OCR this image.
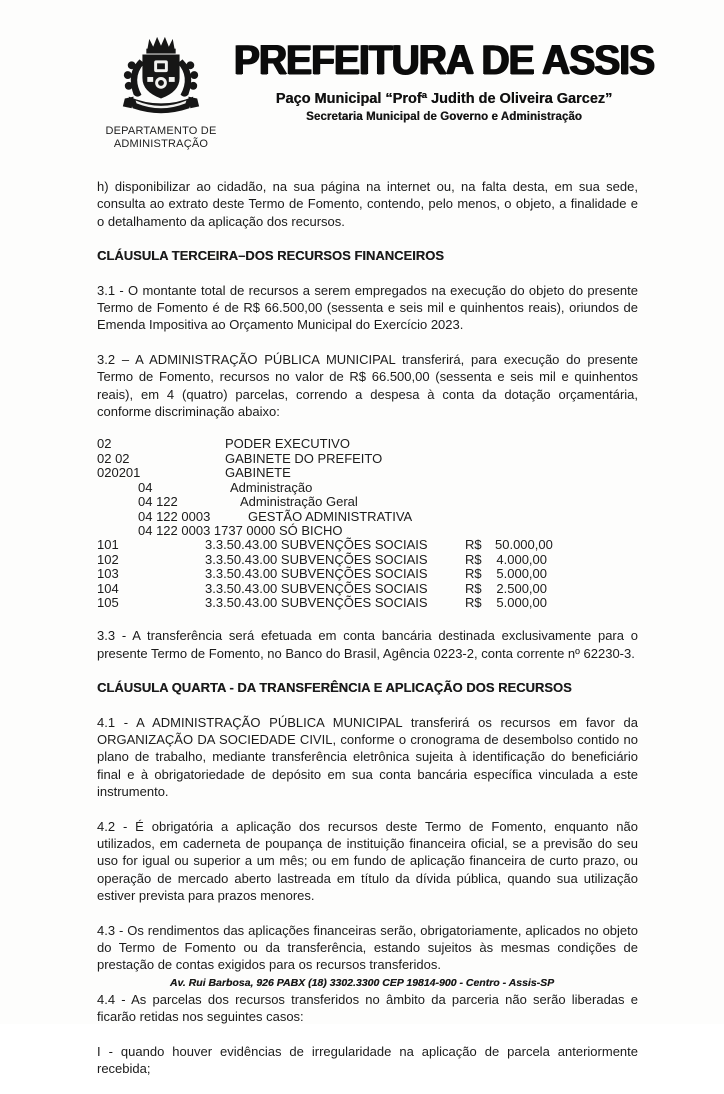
DEPARTAMENTO DE
ADMINISTRAÇÃO
PREFEITURA DE ASSIS
Paço Municipal “Profª Judith de Oliveira Garcez”
Secretaria Municipal de Governo e Administração

h) disponibilizar ao cidadão, na sua página na internet ou, na falta desta, em sua sede, consulta ao extrato deste Termo de Fomento, contendo, pelo menos, o objeto, a finalidade e o detalhamento da aplicação dos recursos.

CLÁUSULA TERCEIRA–DOS RECURSOS FINANCEIROS

3.1 - O montante total de recursos a serem empregados na execução do objeto do presente Termo de Fomento é de R$ 66.500,00 (sessenta e seis mil e quinhentos reais), oriundos de Emenda Impositiva ao Orçamento Municipal do Exercício 2023.

3.2 – A ADMINISTRAÇÃO PÚBLICA MUNICIPAL transferirá, para execução do presente Termo de Fomento, recursos no valor de R$ 66.500,00 (sessenta e seis mil e quinhentos reais), em 4 (quatro) parcelas, correndo a despesa à conta da dotação orçamentária, conforme discriminação abaixo:

02	PODER EXECUTIVO
02 02	GABINETE DO PREFEITO
020201	GABINETE
04	Administração
04 122	Administração Geral
04 122 0003	GESTÃO ADMINISTRATIVA
04 122 0003 1737 0000 SÓ BICHO
101	3.3.50.43.00 SUBVENÇÕES SOCIAIS	R$	50.000,00
102	3.3.50.43.00 SUBVENÇÕES SOCIAIS	R$	4.000,00
103	3.3.50.43.00 SUBVENÇÕES SOCIAIS	R$	5.000,00
104	3.3.50.43.00 SUBVENÇÕES SOCIAIS	R$	2.500,00
105	3.3.50.43.00 SUBVENÇÕES SOCIAIS	R$	5.000,00

3.3 - A transferência será efetuada em conta bancária destinada exclusivamente para o presente Termo de Fomento, no Banco do Brasil, Agência 0223-2, conta corrente nº 62230-3.

CLÁUSULA QUARTA - DA TRANSFERÊNCIA E APLICAÇÃO DOS RECURSOS

4.1 - A ADMINISTRAÇÃO PÚBLICA MUNICIPAL transferirá os recursos em favor da ORGANIZAÇÃO DA SOCIEDADE CIVIL, conforme o cronograma de desembolso contido no plano de trabalho, mediante transferência eletrônica sujeita à identificação do beneficiário final e à obrigatoriedade de depósito em sua conta bancária específica vinculada a este instrumento.

4.2 - É obrigatória a aplicação dos recursos deste Termo de Fomento, enquanto não utilizados, em caderneta de poupança de instituição financeira oficial, se a previsão do seu uso for igual ou superior a um mês; ou em fundo de aplicação financeira de curto prazo, ou operação de mercado aberto lastreada em título da dívida pública, quando sua utilização estiver prevista para prazos menores.

4.3 - Os rendimentos das aplicações financeiras serão, obrigatoriamente, aplicados no objeto do Termo de Fomento ou da transferência, estando sujeitos às mesmas condições de prestação de contas exigidos para os recursos transferidos.

4.4 - As parcelas dos recursos transferidos no âmbito da parceria não serão liberadas e ficarão retidas nos seguintes casos:

I - quando houver evidências de irregularidade na aplicação de parcela anteriormente recebida;

Av. Rui Barbosa, 926 PABX (18) 3302.3300 CEP 19814-900 - Centro - Assis-SP
